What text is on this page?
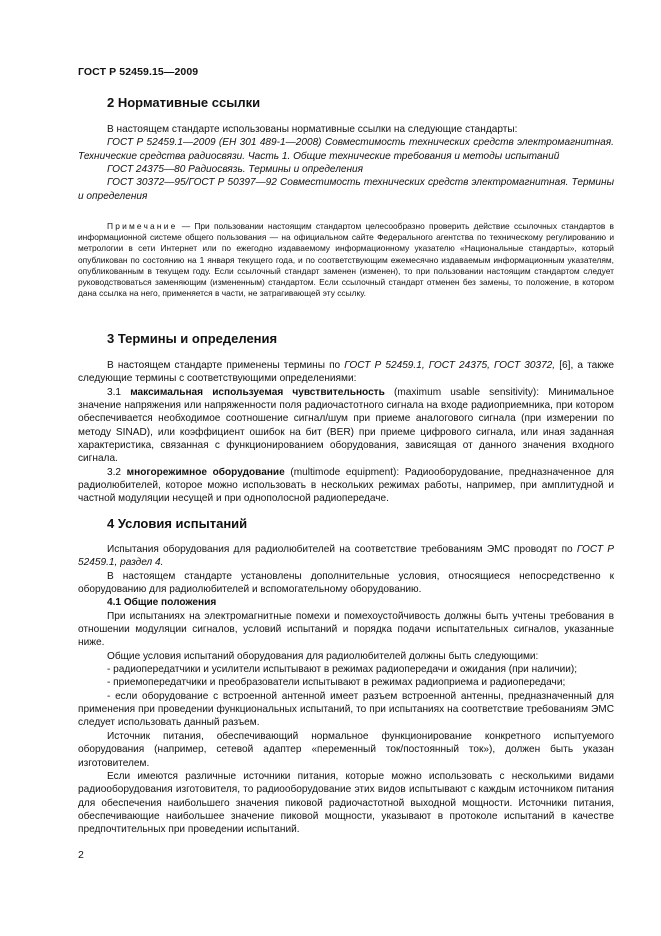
ГОСТ Р 52459.15—2009
2 Нормативные ссылки

В настоящем стандарте использованы нормативные ссылки на следующие стандарты:

ГОСТ Р 52459.1—2009 (ЕН 301 489-1—2008) Совместимость технических средств электромагнитная. Технические средства радиосвязи. Часть 1. Общие технические требования и методы испытаний

ГОСТ 24375—80 Радиосвязь. Термины и определения

ГОСТ 30372—95/ГОСТ Р 50397—92 Совместимость технических средств электромагнитная. Термины и определения

Примечание — При пользовании настоящим стандартом целесообразно проверить действие ссылочных стандартов в информационной системе общего пользования — на официальном сайте Федерального агентства по техническому регулированию и метрологии в сети Интернет или по ежегодно издаваемому информационному указателю «Национальные стандарты», который опубликован по состоянию на 1 января текущего года, и по соответствующим ежемесячно издаваемым информационным указателям, опубликованным в текущем году. Если ссылочный стандарт заменен (изменен), то при пользовании настоящим стандартом следует руководствоваться заменяющим (измененным) стандартом. Если ссылочный стандарт отменен без замены, то положение, в котором дана ссылка на него, применяется в части, не затрагивающей эту ссылку.

3 Термины и определения

В настоящем стандарте применены термины по ГОСТ Р 52459.1, ГОСТ 24375, ГОСТ 30372, [6], а также следующие термины с соответствующими определениями:

3.1 максимальная используемая чувствительность (maximum usable sensitivity): Минимальное значение напряжения или напряженности поля радиочастотного сигнала на входе радиоприемника, при котором обеспечивается необходимое соотношение сигнал/шум при приеме аналогового сигнала (при измерении по методу SINAD), или коэффициент ошибок на бит (BER) при приеме цифрового сигнала, или иная заданная характеристика, связанная с функционированием оборудования, зависящая от данного значения входного сигнала.

3.2 многорежимное оборудование (multimode equipment): Радиооборудование, предназначенное для радиолюбителей, которое можно использовать в нескольких режимах работы, например, при амплитудной и частной модуляции несущей и при однополосной радиопередаче.

4 Условия испытаний

Испытания оборудования для радиолюбителей на соответствие требованиям ЭМС проводят по ГОСТ Р 52459.1, раздел 4.

В настоящем стандарте установлены дополнительные условия, относящиеся непосредственно к оборудованию для радиолюбителей и вспомогательному оборудованию.

4.1 Общие положения

При испытаниях на электромагнитные помехи и помехоустойчивость должны быть учтены требования в отношении модуляции сигналов, условий испытаний и порядка подачи испытательных сигналов, указанные ниже.

Общие условия испытаний оборудования для радиолюбителей должны быть следующими:

- радиопередатчики и усилители испытывают в режимах радиопередачи и ожидания (при наличии);

- приемопередатчики и преобразователи испытывают в режимах радиоприема и радиопередачи;

- если оборудование с встроенной антенной имеет разъем встроенной антенны, предназначенный для применения при проведении функциональных испытаний, то при испытаниях на соответствие требованиям ЭМС следует использовать данный разъем.

Источник питания, обеспечивающий нормальное функционирование конкретного испытуемого оборудования (например, сетевой адаптер «переменный ток/постоянный ток»), должен быть указан изготовителем.

Если имеются различные источники питания, которые можно использовать с несколькими видами радиооборудования изготовителя, то радиооборудование этих видов испытывают с каждым источником питания для обеспечения наибольшего значения пиковой радиочастотной выходной мощности. Источники питания, обеспечивающие наибольшее значение пиковой мощности, указывают в протоколе испытаний в качестве предпочтительных при проведении испытаний.

2
